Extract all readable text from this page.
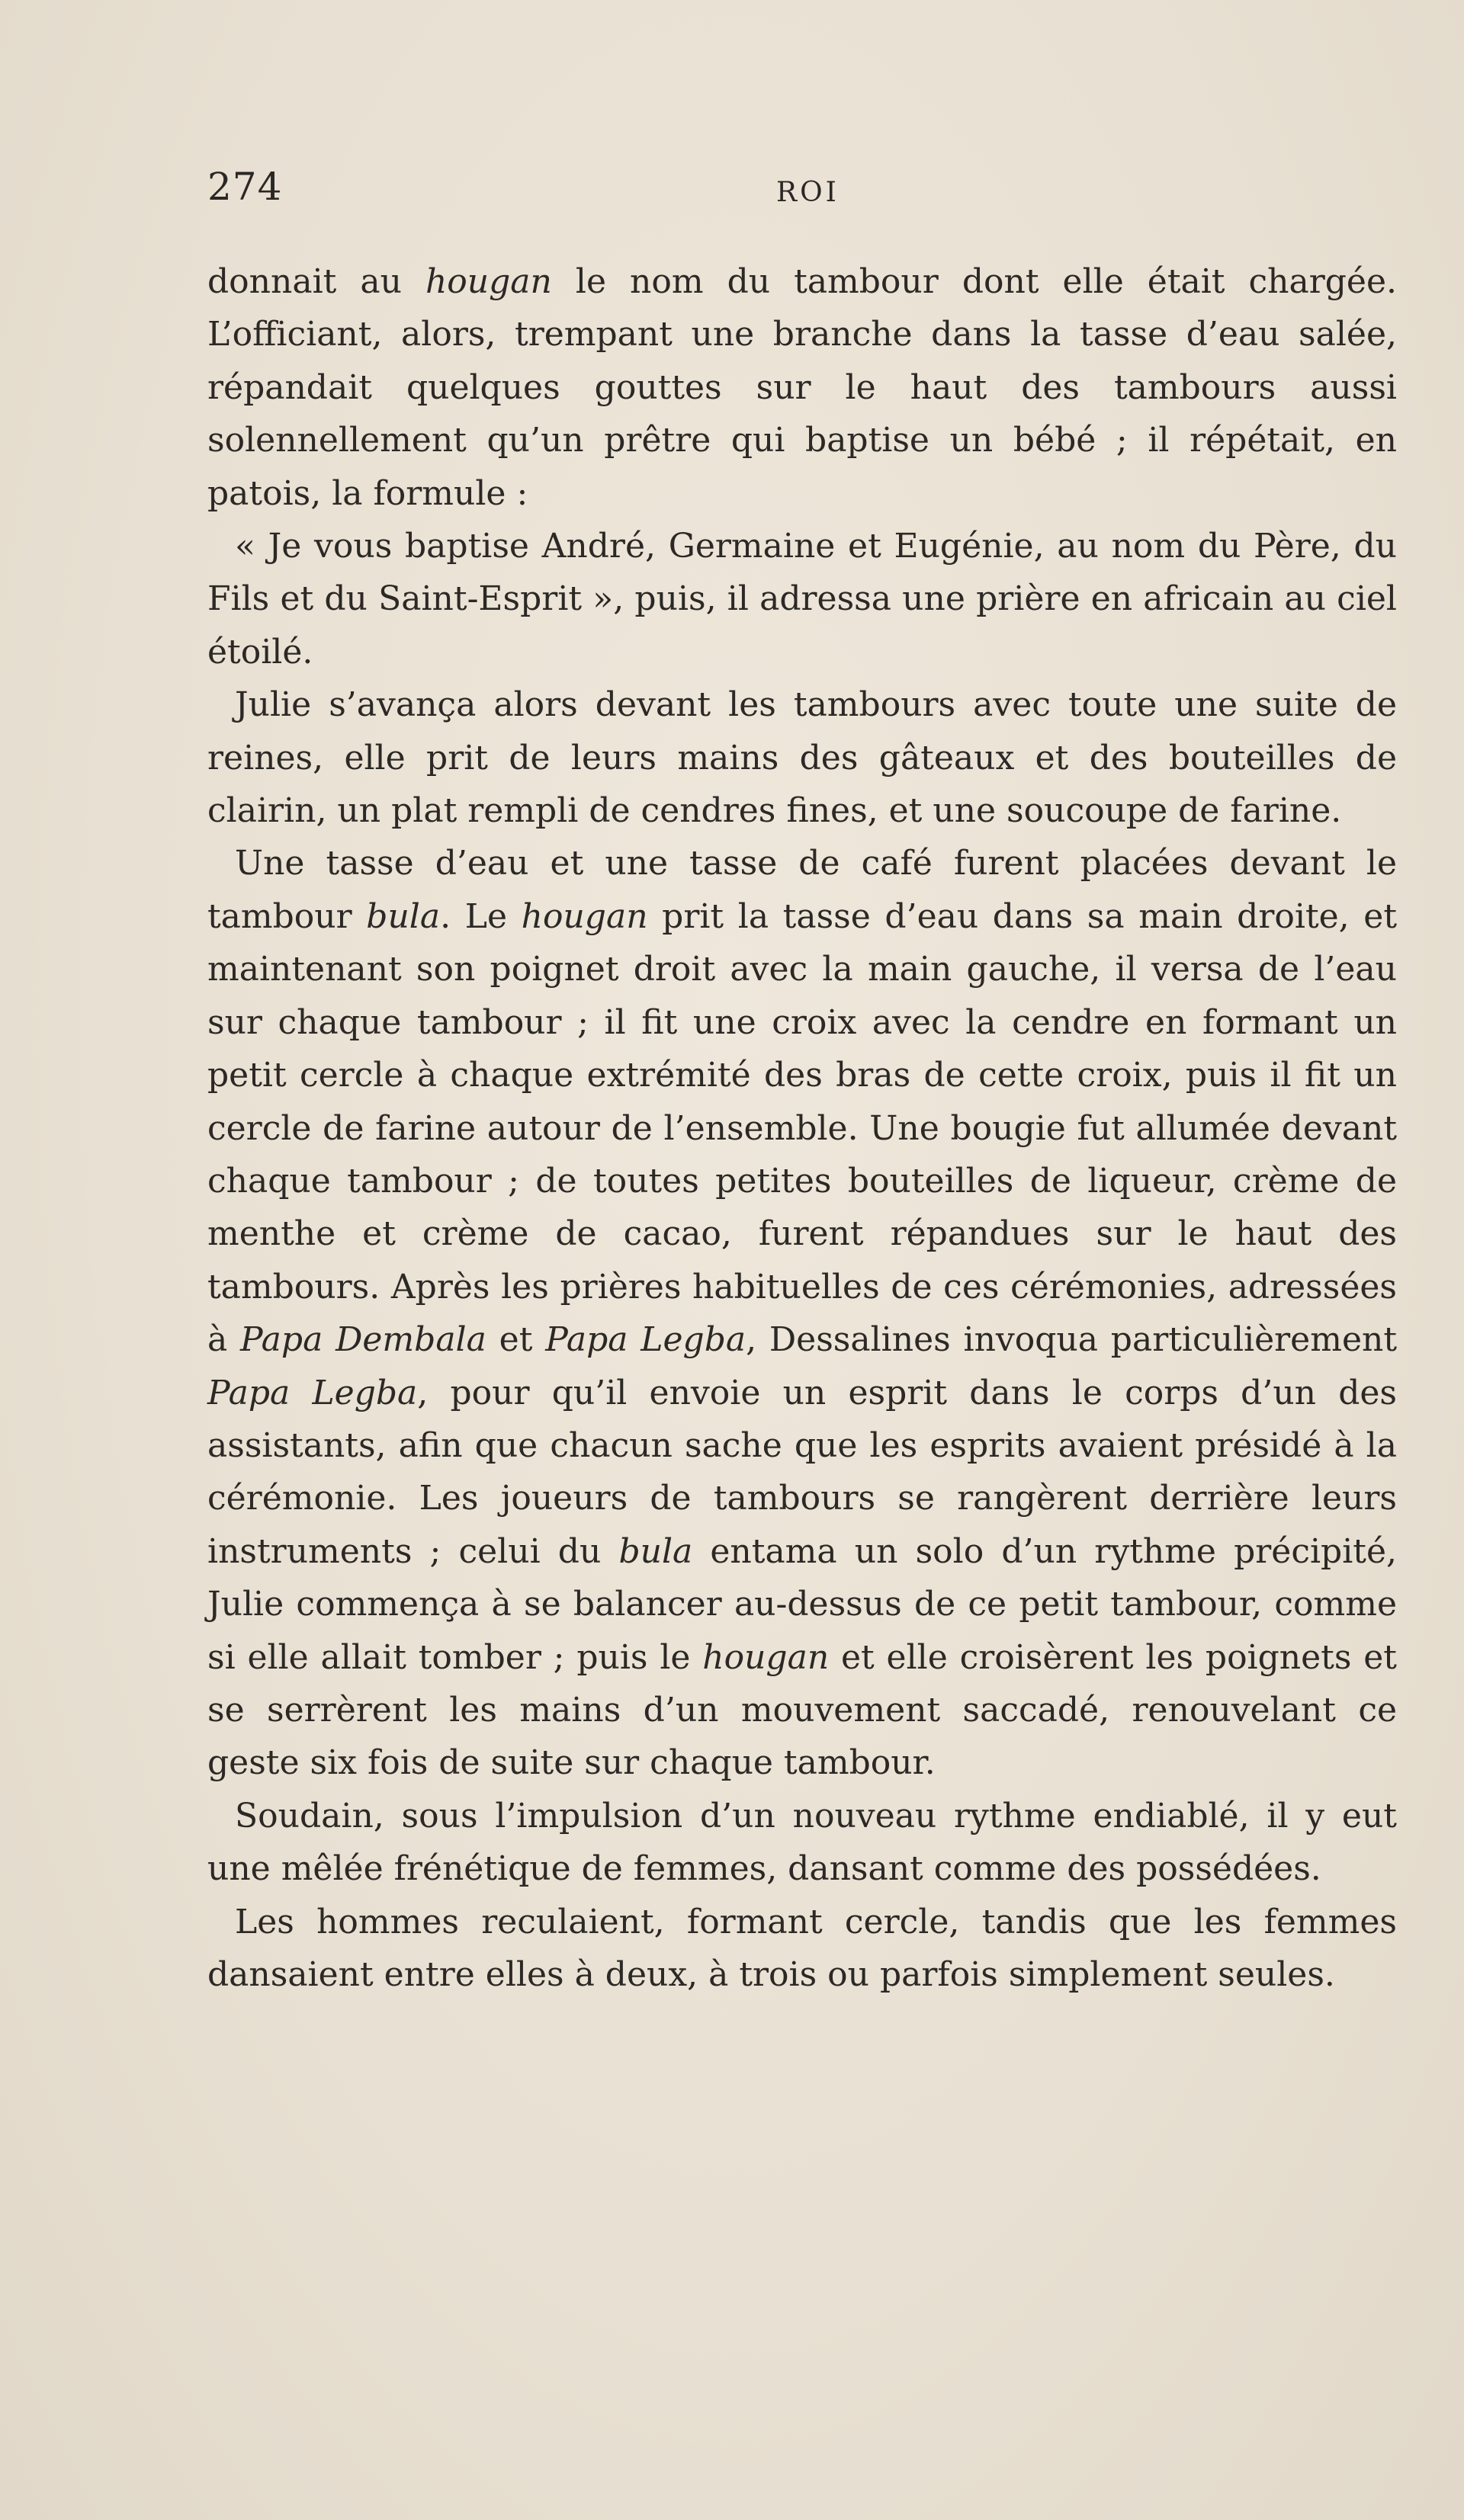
274	ROI

donnait au hougan le nom du tambour dont elle était chargée. L’officiant, alors, trempant une branche dans la tasse d’eau salée, répandait quelques gouttes sur le haut des tambours aussi solennellement qu’un prêtre qui baptise un bébé ; il répétait, en patois, la formule :

« Je vous baptise André, Germaine et Eugénie, au nom du Père, du Fils et du Saint-Esprit », puis, il adressa une prière en africain au ciel étoilé.

Julie s’avança alors devant les tambours avec toute une suite de reines, elle prit de leurs mains des gâteaux et des bouteilles de clairin, un plat rempli de cendres fines, et une soucoupe de farine.

Une tasse d’eau et une tasse de café furent placées devant le tambour bula. Le hougan prit la tasse d’eau dans sa main droite, et maintenant son poignet droit avec la main gauche, il versa de l’eau sur chaque tambour ; il fit une croix avec la cendre en formant un petit cercle à chaque extrémité des bras de cette croix, puis il fit un cercle de farine autour de l’ensemble. Une bougie fut allumée devant chaque tambour ; de toutes petites bouteilles de liqueur, crème de menthe et crème de cacao, furent répandues sur le haut des tambours. Après les prières habituelles de ces cérémonies, adressées à Papa Dembala et Papa Legba, Dessalines invoqua particulièrement Papa Legba, pour qu’il envoie un esprit dans le corps d’un des assistants, afin que chacun sache que les esprits avaient présidé à la cérémonie. Les joueurs de tambours se rangèrent derrière leurs instruments ; celui du bula entama un solo d’un rythme précipité, Julie commença à se balancer au-dessus de ce petit tambour, comme si elle allait tomber ; puis le hougan et elle croisèrent les poignets et se serrèrent les mains d’un mouvement saccadé, renouvelant ce geste six fois de suite sur chaque tambour.

Soudain, sous l’impulsion d’un nouveau rythme endiablé, il y eut une mêlée frénétique de femmes, dansant comme des possédées.

Les hommes reculaient, formant cercle, tandis que les femmes dansaient entre elles à deux, à trois ou parfois simplement seules.
